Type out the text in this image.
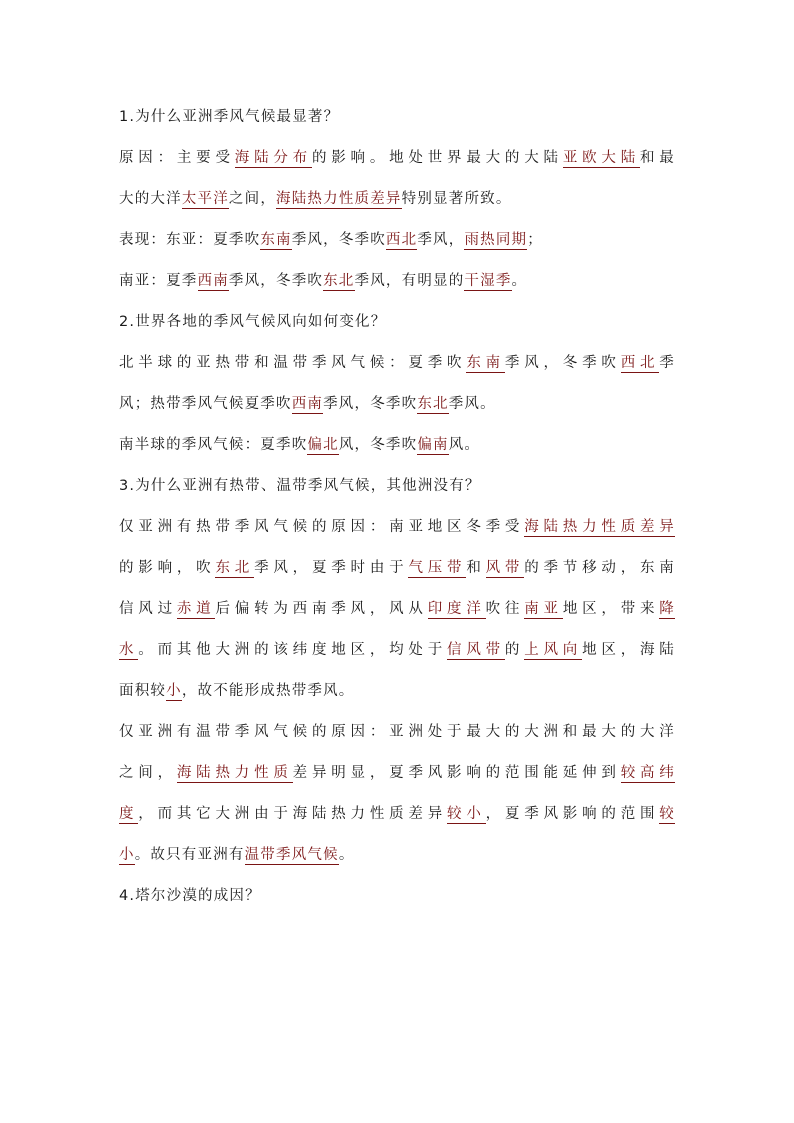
1.为什么亚洲季风气候最显著？
原因：主要受海陆分布的影响。地处世界最大的大陆亚欧大陆和最
大的大洋太平洋之间，海陆热力性质差异特别显著所致。
表现：东亚：夏季吹东南季风，冬季吹西北季风，雨热同期；
南亚：夏季西南季风，冬季吹东北季风，有明显的干湿季。
2.世界各地的季风气候风向如何变化？
北半球的亚热带和温带季风气候：夏季吹东南季风，冬季吹西北季
风；热带季风气候夏季吹西南季风，冬季吹东北季风。
南半球的季风气候：夏季吹偏北风，冬季吹偏南风。
3.为什么亚洲有热带、温带季风气候，其他洲没有？
仅亚洲有热带季风气候的原因：南亚地区冬季受海陆热力性质差异
的影响，吹东北季风，夏季时由于气压带和风带的季节移动，东南
信风过赤道后偏转为西南季风，风从印度洋吹往南亚地区，带来降
水。而其他大洲的该纬度地区，均处于信风带的上风向地区，海陆
面积较小，故不能形成热带季风。
仅亚洲有温带季风气候的原因：亚洲处于最大的大洲和最大的大洋
之间，海陆热力性质差异明显，夏季风影响的范围能延伸到较高纬
度，而其它大洲由于海陆热力性质差异较小，夏季风影响的范围较
小。故只有亚洲有温带季风气候。
4.塔尔沙漠的成因？
